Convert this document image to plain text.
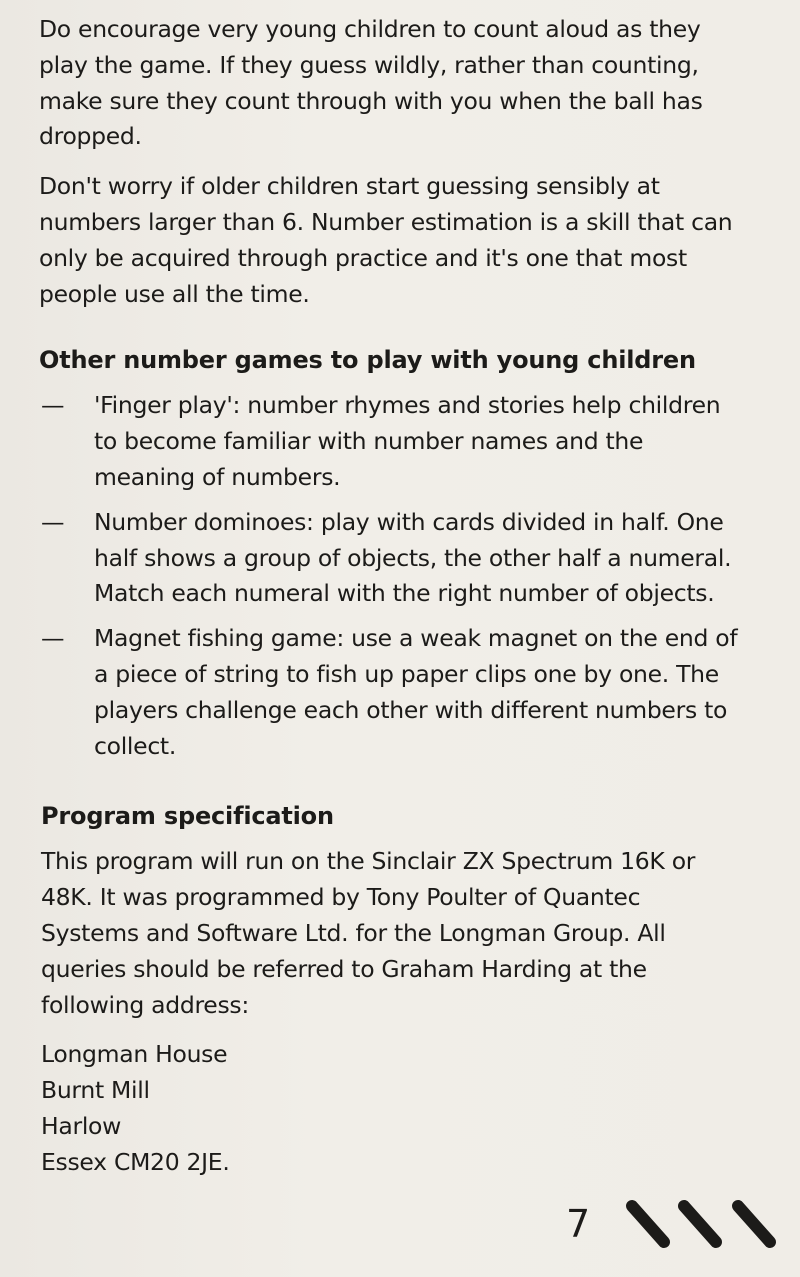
Do encourage very young children to count aloud as they play the game. If they guess wildly, rather than counting, make sure they count through with you when the ball has dropped.

Don't worry if older children start guessing sensibly at numbers larger than 6. Number estimation is a skill that can only be acquired through practice and it's one that most people use all the time.

Other number games to play with young children
— 'Finger play': number rhymes and stories help children to become familiar with number names and the meaning of numbers.
— Number dominoes: play with cards divided in half. One half shows a group of objects, the other half a numeral. Match each numeral with the right number of objects.
— Magnet fishing game: use a weak magnet on the end of a piece of string to fish up paper clips one by one. The players challenge each other with different numbers to collect.
Program specification

This program will run on the Sinclair ZX Spectrum 16K or 48K. It was programmed by Tony Poulter of Quantec Systems and Software Ltd. for the Longman Group. All queries should be referred to Graham Harding at the following address:

Longman House
Burnt Mill
Harlow
Essex CM20 2JE.
7
